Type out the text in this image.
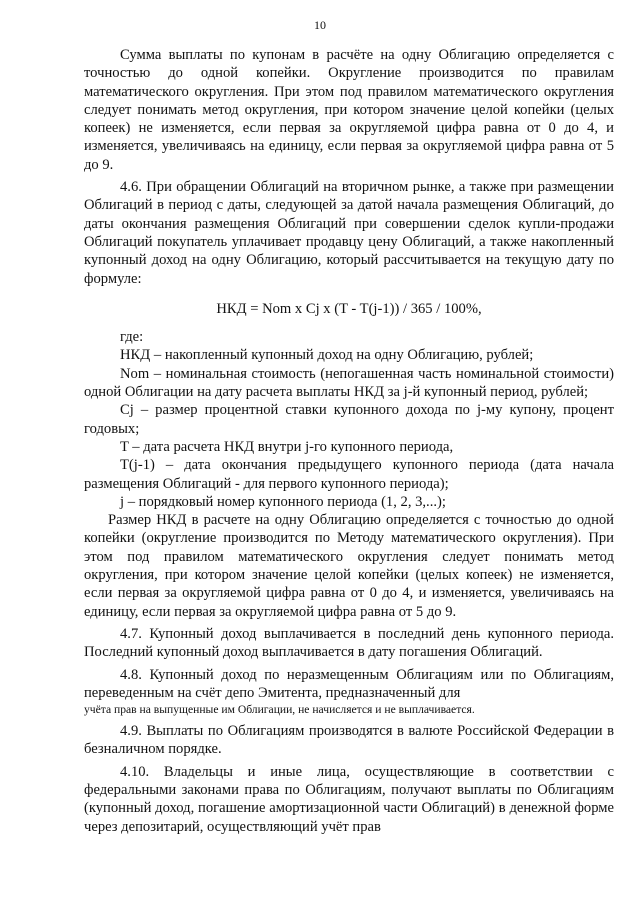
10

Сумма выплаты по купонам в расчёте на одну Облигацию определяется с точностью до одной копейки. Округление производится по правилам математического округления. При этом под правилом математического округления следует понимать метод округления, при котором значение целой копейки (целых копеек) не изменяется, если первая за округляемой цифра равна от 0 до 4, и изменяется, увеличиваясь на единицу, если первая за округляемой цифра равна от 5 до 9.

4.6. При обращении Облигаций на вторичном рынке, а также при размещении Облигаций в период с даты, следующей за датой начала размещения Облигаций, до даты окончания размещения Облигаций при совершении сделок купли-продажи Облигаций покупатель уплачивает продавцу цену Облигаций, а также накопленный купонный доход на одну Облигацию, который рассчитывается на текущую дату по формуле:

НКД = Nom x Cj x (T - T(j-1)) / 365 / 100%,

где:

НКД – накопленный купонный доход на одну Облигацию, рублей;

Nom – номинальная стоимость (непогашенная часть номинальной стоимости) одной Облигации на дату расчета выплаты НКД за j-й купонный период, рублей;

Cj – размер процентной ставки купонного дохода по j-му купону, процент годовых;

T – дата расчета НКД внутри j-го купонного периода,

T(j-1) – дата окончания предыдущего купонного периода (дата начала размещения Облигаций - для первого купонного периода);

j – порядковый номер купонного периода (1, 2, 3,...);

Размер НКД в расчете на одну Облигацию определяется с точностью до одной копейки (округление производится по Методу математического округления). При этом под правилом математического округления следует понимать метод округления, при котором значение целой копейки (целых копеек) не изменяется, если первая за округляемой цифра равна от 0 до 4, и изменяется, увеличиваясь на единицу, если первая за округляемой цифра равна от 5 до 9.

4.7. Купонный доход выплачивается в последний день купонного периода. Последний купонный доход выплачивается в дату погашения Облигаций.

4.8. Купонный доход по неразмещенным Облигациям или по Облигациям, переведенным на счёт депо Эмитента, предназначенный для

учёта прав на выпущенные им Облигации, не начисляется и не выплачивается.

4.9. Выплаты по Облигациям производятся в валюте Российской Федерации в безналичном порядке.

4.10. Владельцы и иные лица, осуществляющие в соответствии с федеральными законами права по Облигациям, получают выплаты по Облигациям (купонный доход, погашение амортизационной части Облигаций) в денежной форме через депозитарий, осуществляющий учёт прав
